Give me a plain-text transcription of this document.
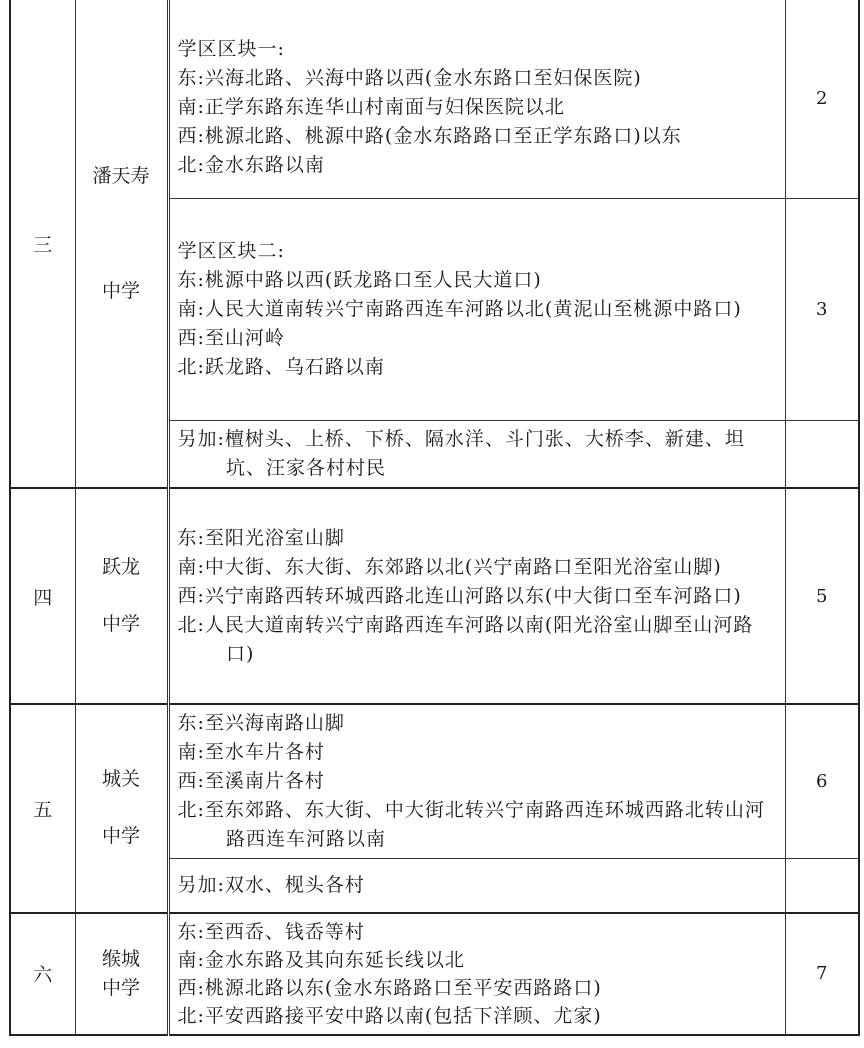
三	潘天寿
中学	学区区块一:
东:兴海北路、兴海中路以西(金水东路口至妇保医院)
南:正学东路东连华山村南面与妇保医院以北
西:桃源北路、桃源中路(金水东路路口至正学东路口)以东
北:金水东路以南	2

		学区区块二:
东:桃源中路以西(跃龙路口至人民大道口)
南:人民大道南转兴宁南路西连车河路以北(黄泥山至桃源中路口)
西:至山河岭
北:跃龙路、乌石路以南	3

		另加:檀树头、上桥、下桥、隔水洋、斗门张、大桥李、新建、坦坑、汪家各村村民	

四	跃龙
中学	东:至阳光浴室山脚
南:中大街、东大街、东郊路以北(兴宁南路口至阳光浴室山脚)
西:兴宁南路西转环城西路北连山河路以东(中大街口至车河路口)
北:人民大道南转兴宁南路西连车河路以南(阳光浴室山脚至山河路口)	5
五	城关
中学	东:至兴海南路山脚
南:至水车片各村
西:至溪南片各村
北:至东郊路、东大街、中大街北转兴宁南路西连环城西路北转山河路西连车河路以南	6

		另加:双水、枧头各村	

六	缑城
中学	东:至西岙、钱岙等村
南:金水东路及其向东延长线以北
西:桃源北路以东(金水东路路口至平安西路路口)
北:平安西路接平安中路以南(包括下洋顾、尤家)	7
